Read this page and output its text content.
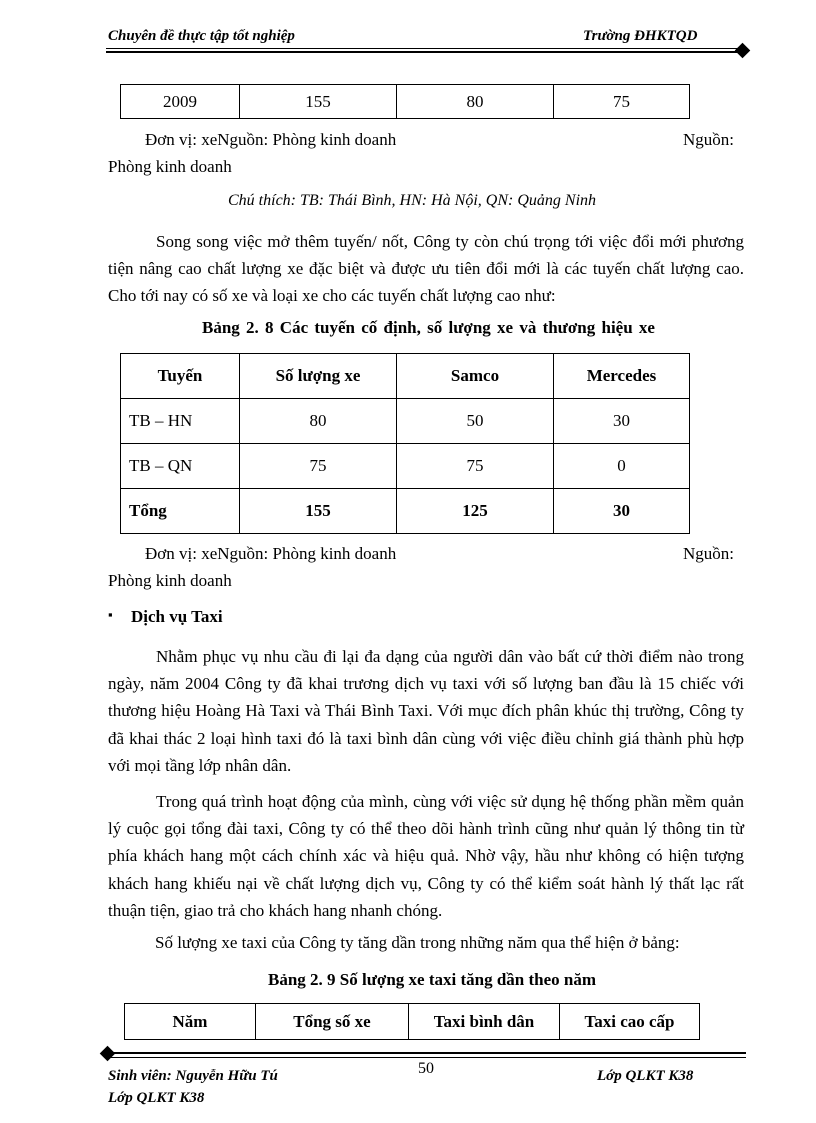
Chuyên đề thực tập tốt nghiệp	Trường ĐHKTQD
2009	155	80	75
Đơn vị: xeNguồn: Phòng kinh doanh	Nguồn:
Phòng kinh doanh
Chú thích: TB: Thái Bình, HN: Hà Nội, QN: Quảng Ninh
Song song việc mở thêm tuyến/ nốt, Công ty còn chú trọng tới việc đổi mới phương tiện nâng cao chất lượng xe đặc biệt và được ưu tiên đổi mới là các tuyến chất lượng cao. Cho tới nay có số xe và loại xe cho các tuyến chất lượng cao như:
Bảng 2. 8 Các tuyến cố định, số lượng xe và thương hiệu xe
Tuyến	Số lượng xe	Samco	Mercedes
TB – HN	80	50	30
TB – QN	75	75	0
Tổng	155	125	30
Đơn vị: xeNguồn: Phòng kinh doanh	Nguồn:
Phòng kinh doanh
▪ Dịch vụ Taxi
Nhằm phục vụ nhu cầu đi lại đa dạng của người dân vào bất cứ thời điểm nào trong ngày, năm 2004 Công ty đã khai trương dịch vụ taxi với số lượng ban đầu là 15 chiếc với thương hiệu Hoàng Hà Taxi và Thái Bình Taxi. Với mục đích phân khúc thị trường, Công ty đã khai thác 2 loại hình taxi đó là taxi bình dân cùng với việc điều chỉnh giá thành phù hợp với mọi tầng lớp nhân dân.
Trong quá trình hoạt động của mình, cùng với việc sử dụng hệ thống phần mềm quản lý cuộc gọi tổng đài taxi, Công ty có thể theo dõi hành trình cũng như quản lý thông tin từ phía khách hang một cách chính xác và hiệu quả. Nhờ vậy, hầu như không có hiện tượng khách hang khiếu nại về chất lượng dịch vụ, Công ty có thể kiểm soát hành lý thất lạc rất thuận tiện, giao trả cho khách hang nhanh chóng.
Số lượng xe taxi của Công ty tăng dần trong những năm qua thể hiện ở bảng:
Bảng 2. 9 Số lượng xe taxi tăng dần theo năm
Năm	Tổng số xe	Taxi bình dân	Taxi cao cấp
50
Sinh viên: Nguyễn Hữu Tú	Lớp QLKT K38
Lớp QLKT K38
